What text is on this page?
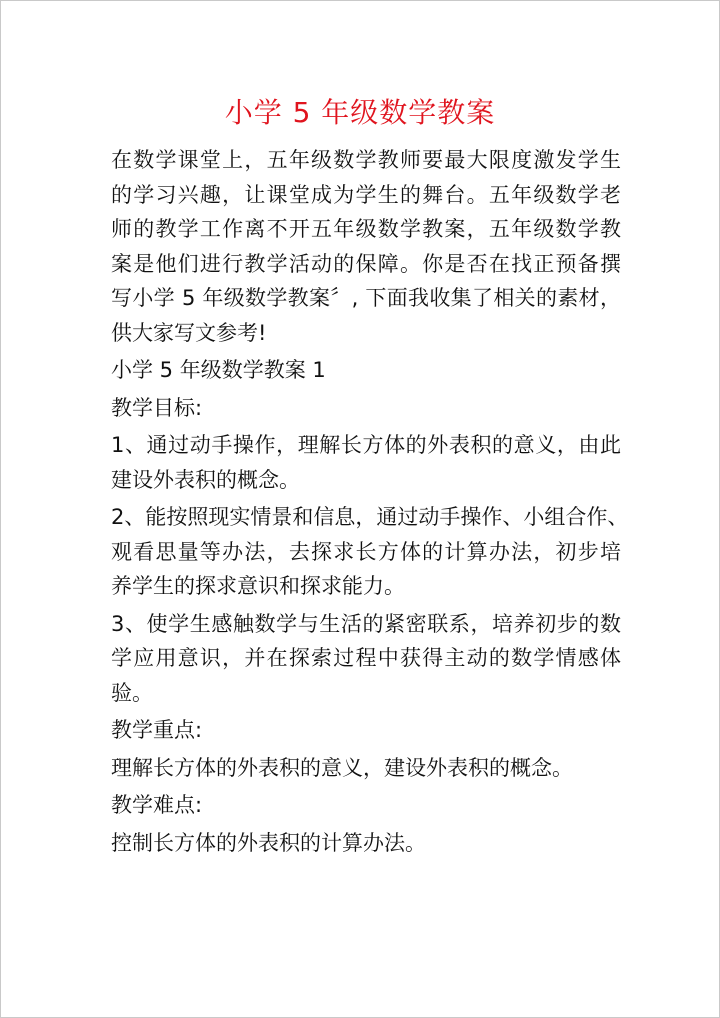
小学 5 年级数学教案
在数学课堂上，五年级数学教师要最大限度激发学生
的学习兴趣，让课堂成为学生的舞台。五年级数学老
师的教学工作离不开五年级数学教案，五年级数学教
案是他们进行教学活动的保障。你是否在找正预备撰
写小学 5 年级数学教案〞, 下面我收集了相关的素材，
供大家写文参考!
小学 5 年级数学教案 1
教学目标:
1、通过动手操作，理解长方体的外表积的意义，由此
建设外表积的概念。
2、能按照现实情景和信息，通过动手操作、小组合作、
观看思量等办法，去探求长方体的计算办法，初步培
养学生的探求意识和探求能力。
3、使学生感触数学与生活的紧密联系，培养初步的数
学应用意识，并在探索过程中获得主动的数学情感体
验。
教学重点:
理解长方体的外表积的意义，建设外表积的概念。
教学难点:
控制长方体的外表积的计算办法。
